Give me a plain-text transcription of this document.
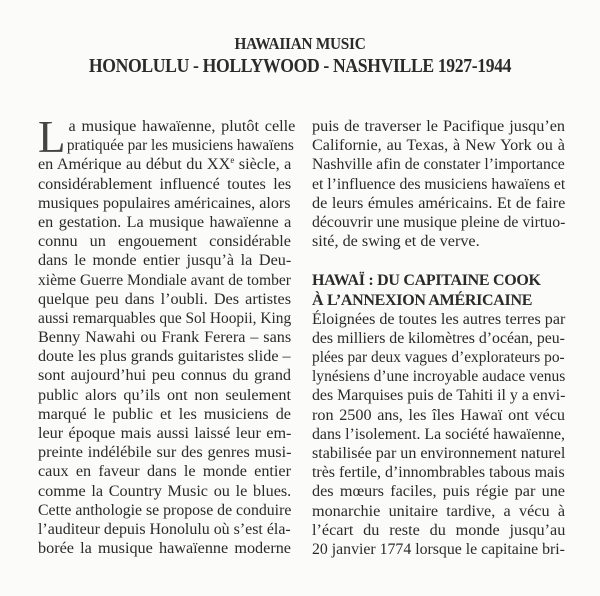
HAWAIIAN MUSIC
HONOLULU - HOLLYWOOD - NASHVILLE 1927-1944
L a musique hawaïenne, plutôt celle
pratiquée par les musiciens hawaïens
en Amérique au début du XXe siècle, a
considérablement influencé toutes les
musiques populaires américaines, alors
en gestation. La musique hawaïenne a
connu un engouement considérable
dans le monde entier jusqu’à la Deu-
xième Guerre Mondiale avant de tomber
quelque peu dans l’oubli. Des artistes
aussi remarquables que Sol Hoopii, King
Benny Nawahi ou Frank Ferera – sans
doute les plus grands guitaristes slide –
sont aujourd’hui peu connus du grand
public alors qu’ils ont non seulement
marqué le public et les musiciens de
leur époque mais aussi laissé leur em-
preinte indélébile sur des genres musi-
caux en faveur dans le monde entier
comme la Country Music ou le blues.
Cette anthologie se propose de conduire
l’auditeur depuis Honolulu où s’est éla-
borée la musique hawaïenne moderne
puis de traverser le Pacifique jusqu’en
Californie, au Texas, à New York ou à
Nashville afin de constater l’importance
et l’influence des musiciens hawaïens et
de leurs émules américains. Et de faire
découvrir une musique pleine de virtuo-
sité, de swing et de verve.
HAWAÏ : DU CAPITAINE COOK
À L’ANNEXION AMÉRICAINE
Éloignées de toutes les autres terres par
des milliers de kilomètres d’océan, peu-
plées par deux vagues d’explorateurs po-
lynésiens d’une incroyable audace venus
des Marquises puis de Tahiti il y a envi-
ron 2500 ans, les îles Hawaï ont vécu
dans l’isolement. La société hawaïenne,
stabilisée par un environnement naturel
très fertile, d’innombrables tabous mais
des mœurs faciles, puis régie par une
monarchie unitaire tardive, a vécu à
l’écart du reste du monde jusqu’au
20 janvier 1774 lorsque le capitaine bri-
